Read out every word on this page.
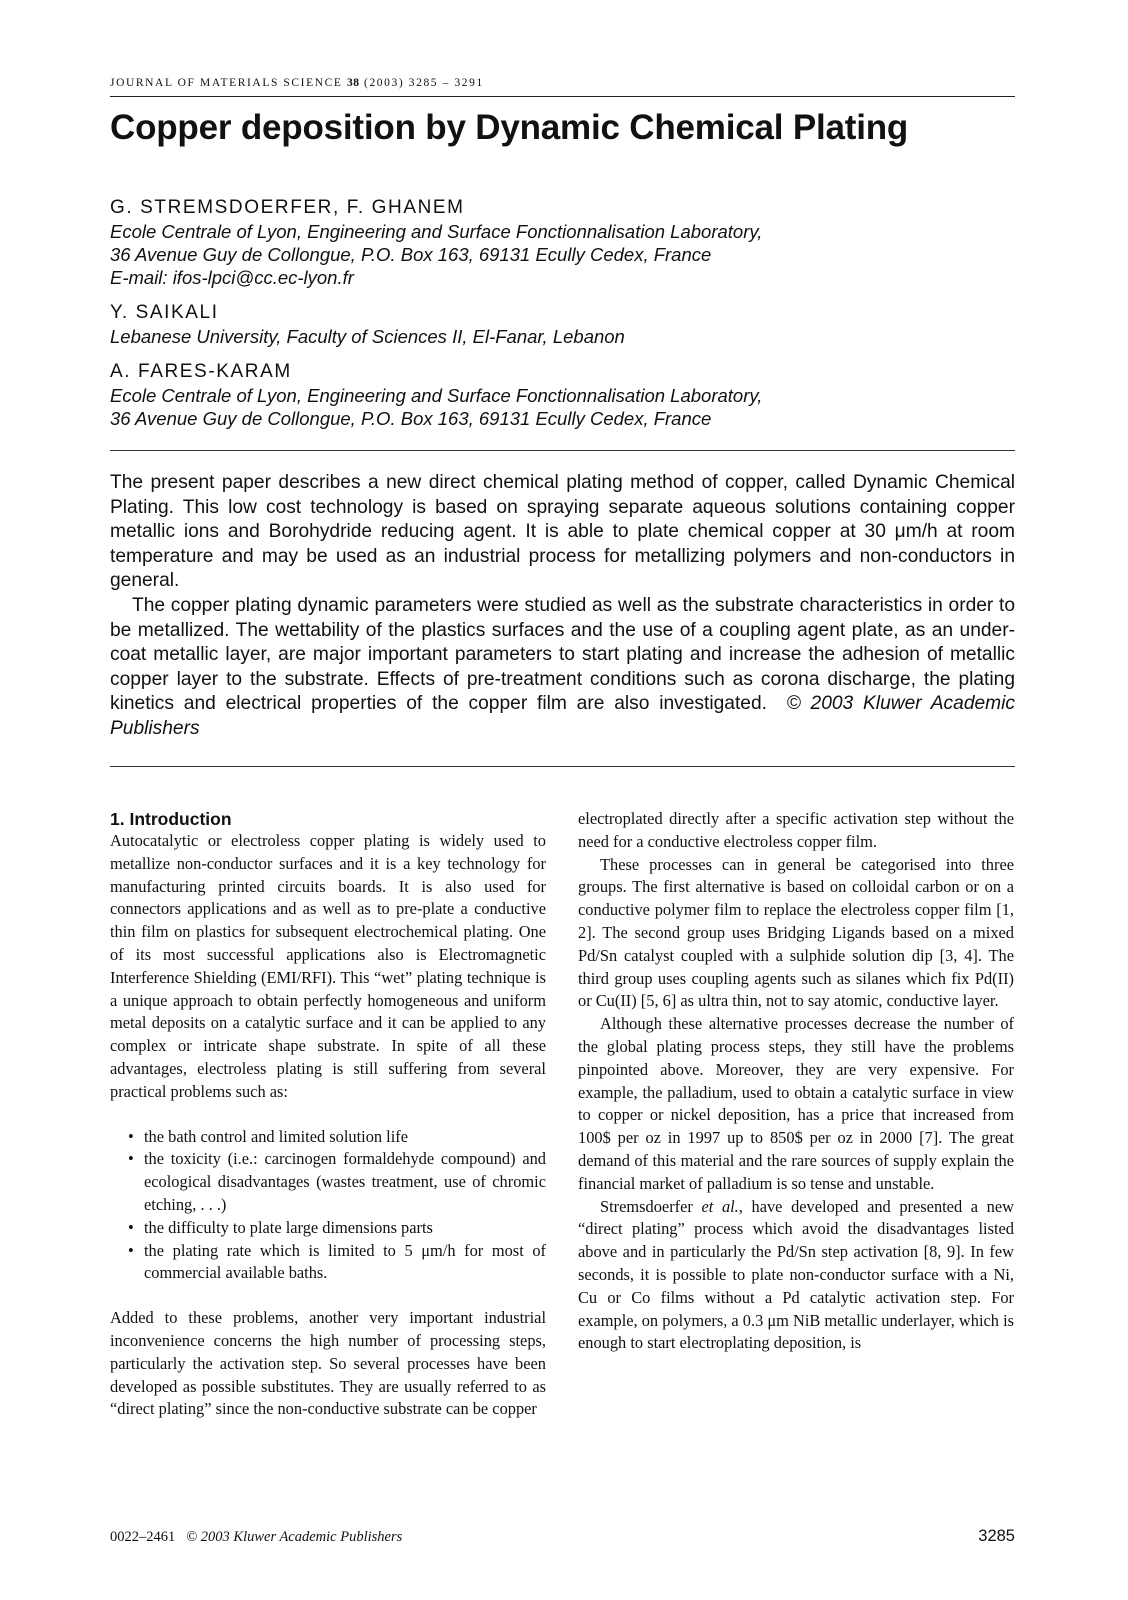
JOURNAL OF MATERIALS SCIENCE 38 (2003) 3285 – 3291
Copper deposition by Dynamic Chemical Plating
G. STREMSDOERFER, F. GHANEM
Ecole Centrale of Lyon, Engineering and Surface Fonctionnalisation Laboratory,
36 Avenue Guy de Collongue, P.O. Box 163, 69131 Ecully Cedex, France
E-mail: ifos-lpci@cc.ec-lyon.fr
Y. SAIKALI
Lebanese University, Faculty of Sciences II, El-Fanar, Lebanon
A. FARES-KARAM
Ecole Centrale of Lyon, Engineering and Surface Fonctionnalisation Laboratory,
36 Avenue Guy de Collongue, P.O. Box 163, 69131 Ecully Cedex, France

The present paper describes a new direct chemical plating method of copper, called Dynamic Chemical Plating. This low cost technology is based on spraying separate aqueous solutions containing copper metallic ions and Borohydride reducing agent. It is able to plate chemical copper at 30 μm/h at room temperature and may be used as an industrial process for metallizing polymers and non-conductors in general.

The copper plating dynamic parameters were studied as well as the substrate characteristics in order to be metallized. The wettability of the plastics surfaces and the use of a coupling agent plate, as an under-coat metallic layer, are major important parameters to start plating and increase the adhesion of metallic copper layer to the substrate. Effects of pre-treatment conditions such as corona discharge, the plating kinetics and electrical properties of the copper film are also investigated. © 2003 Kluwer Academic Publishers

1. Introduction

Autocatalytic or electroless copper plating is widely used to metallize non-conductor surfaces and it is a key technology for manufacturing printed circuits boards. It is also used for connectors applications and as well as to pre-plate a conductive thin film on plastics for subsequent electrochemical plating. One of its most successful applications also is Electromagnetic Interference Shielding (EMI/RFI). This “wet” plating technique is a unique approach to obtain perfectly homogeneous and uniform metal deposits on a catalytic surface and it can be applied to any complex or intricate shape substrate. In spite of all these advantages, electroless plating is still suffering from several practical problems such as:

• the bath control and limited solution life
• the toxicity (i.e.: carcinogen formaldehyde compound) and ecological disadvantages (wastes treatment, use of chromic etching, . . .)
• the difficulty to plate large dimensions parts
• the plating rate which is limited to 5 μm/h for most of commercial available baths.

Added to these problems, another very important industrial inconvenience concerns the high number of processing steps, particularly the activation step. So several processes have been developed as possible substitutes. They are usually referred to as “direct plating” since the non-conductive substrate can be copper

electroplated directly after a specific activation step without the need for a conductive electroless copper film.

These processes can in general be categorised into three groups. The first alternative is based on colloidal carbon or on a conductive polymer film to replace the electroless copper film [1, 2]. The second group uses Bridging Ligands based on a mixed Pd/Sn catalyst coupled with a sulphide solution dip [3, 4]. The third group uses coupling agents such as silanes which fix Pd(II) or Cu(II) [5, 6] as ultra thin, not to say atomic, conductive layer.

Although these alternative processes decrease the number of the global plating process steps, they still have the problems pinpointed above. Moreover, they are very expensive. For example, the palladium, used to obtain a catalytic surface in view to copper or nickel deposition, has a price that increased from 100$ per oz in 1997 up to 850$ per oz in 2000 [7]. The great demand of this material and the rare sources of supply explain the financial market of palladium is so tense and unstable.

Stremsdoerfer et al., have developed and presented a new “direct plating” process which avoid the disadvantages listed above and in particularly the Pd/Sn step activation [8, 9]. In few seconds, it is possible to plate non-conductor surface with a Ni, Cu or Co films without a Pd catalytic activation step. For example, on polymers, a 0.3 μm NiB metallic underlayer, which is enough to start electroplating deposition, is

0022–2461 © 2003 Kluwer Academic Publishers	3285
